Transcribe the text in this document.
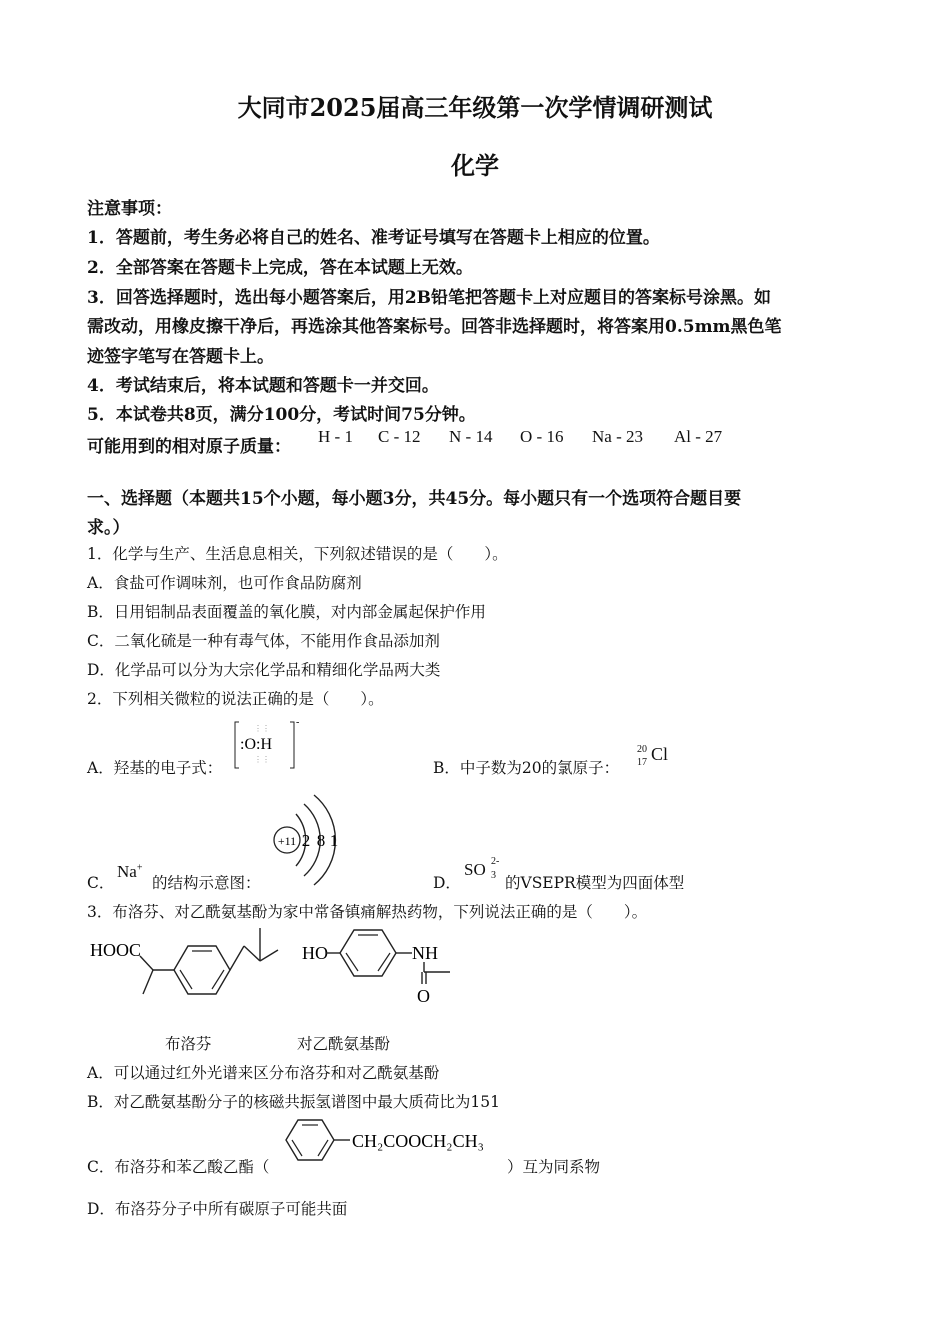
大同市2025届高三年级第一次学情调研测试
化学
注意事项：
1．答题前，考生务必将自己的姓名、准考证号填写在答题卡上相应的位置。
2．全部答案在答题卡上完成，答在本试题上无效。
3．回答选择题时，选出每小题答案后，用2B铅笔把答题卡上对应题目的答案标号涂黑。如
需改动，用橡皮擦干净后，再选涂其他答案标号。回答非选择题时，将答案用0.5mm黑色笔
迹签字笔写在答题卡上。
4．考试结束后，将本试题和答题卡一并交回。
5．本试卷共8页，满分100分，考试时间75分钟。
可能用到的相对原子质量：
H - 1 C - 12 N - 14 O - 16 Na - 23 Al - 27
一、选择题（本题共15个小题，每小题3分，共45分。每小题只有一个选项符合题目要
求。）
1．化学与生产、生活息息相关，下列叙述错误的是（　　）。
A．食盐可作调味剂，也可作食品防腐剂
B．日用铝制品表面覆盖的氧化膜，对内部金属起保护作用
C．二氧化硫是一种有毒气体，不能用作食品添加剂
D．化学品可以分为大宗化学品和精细化学品两大类
2．下列相关微粒的说法正确的是（　　）。
A．羟基的电子式：
⋮⋮
⋮⋮
:O:H
-
B．中子数为20的氯原子：
20
17 Cl
C．
Na+
的结构示意图：
+11 2 8 1
D．
SO 2-
3 的VSEPR模型为四面体型
3．布洛芬、对乙酰氨基酚为家中常备镇痛解热药物，下列说法正确的是（　　）。
HOOC	HO	NH
O
布洛芬	对乙酰氨基酚
A．可以通过红外光谱来区分布洛芬和对乙酰氨基酚
B．对乙酰氨基酚分子的核磁共振氢谱图中最大质荷比为151
C．布洛芬和苯乙酸乙酯（
CH₂COOCH₂CH₃
）互为同系物
D．布洛芬分子中所有碳原子可能共面
